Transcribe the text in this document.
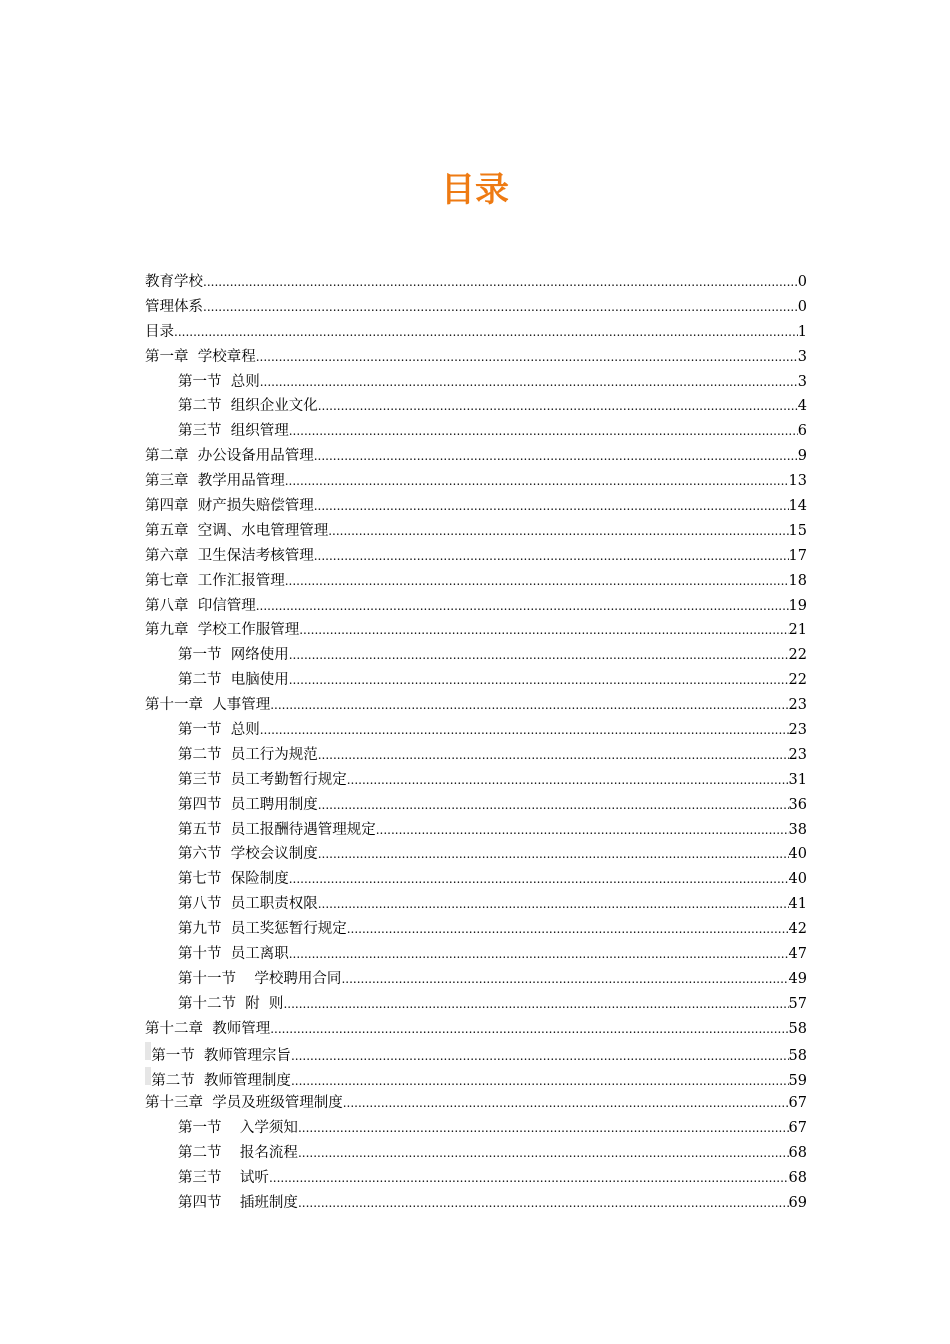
目录
教育学校 .....	0
管理体系 .....	0
目录 .....	1
第一章  学校章程 .....	3
第一节  总则 .....	3
第二节  组织企业文化 .....	4
第三节  组织管理 .....	6
第二章  办公设备用品管理 .....	9
第三章  教学用品管理 .....	13
第四章  财产损失赔偿管理 .....	14
第五章  空调、水电管理管理 .....	15
第六章  卫生保洁考核管理 .....	17
第七章  工作汇报管理 .....	18
第八章  印信管理 .....	19
第九章  学校工作服管理 .....	21
第一节  网络使用 .....	22
第二节  电脑使用 .....	22
第十一章  人事管理 .....	23
第一节  总则 .....	23
第二节  员工行为规范 .....	23
第三节  员工考勤暂行规定 .....	31
第四节  员工聘用制度 .....	36
第五节  员工报酬待遇管理规定 .....	38
第六节  学校会议制度 .....	40
第七节  保险制度 .....	40
第八节  员工职责权限 .....	41
第九节  员工奖惩暂行规定 .....	42
第十节  员工离职 .....	47
第十一节    学校聘用合同 .....	49
第十二节  附  则 .....	57
第十二章  教师管理 .....	58
第一节  教师管理宗旨 .....	58
第二节  教师管理制度 .....	59
第十三章  学员及班级管理制度 .....	67
第一节    入学须知 .....	67
第二节    报名流程 .....	68
第三节    试听 .....	68
第四节    插班制度 .....	69
